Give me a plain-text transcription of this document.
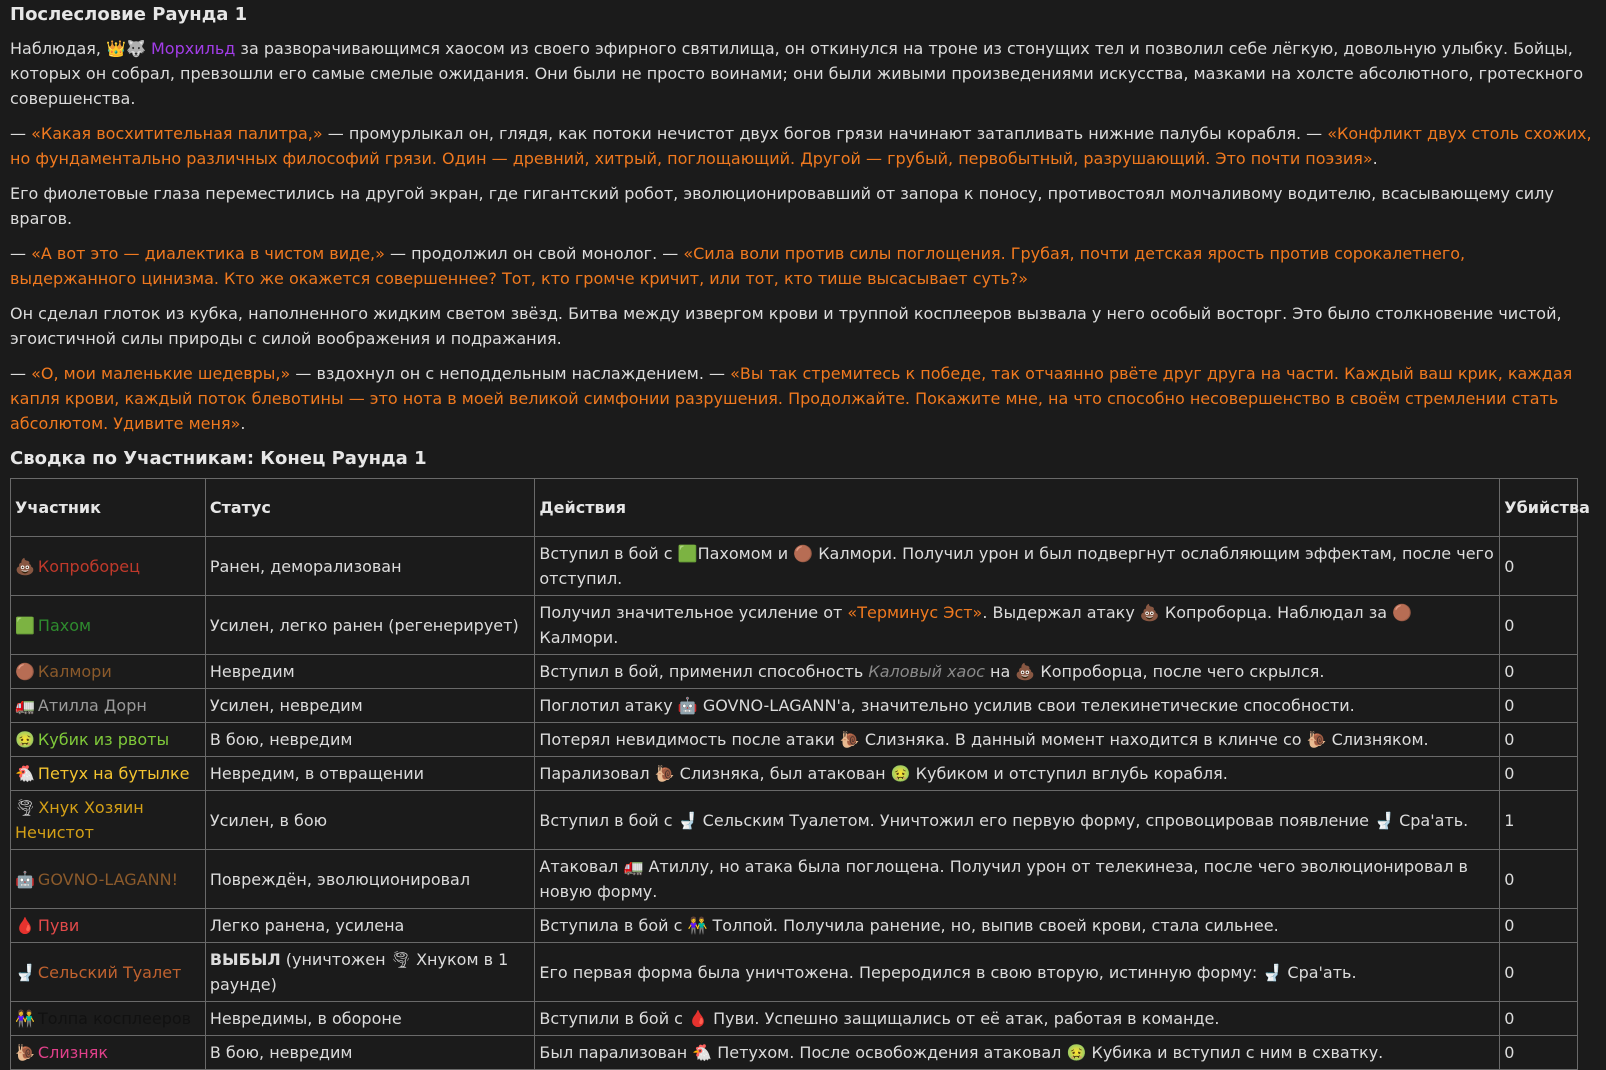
Послесловие Раунда 1

Наблюдая, 👑🐺 Морхильд за разворачивающимся хаосом из своего эфирного святилища, он откинулся на троне из стонущих тел и позволил себе лёгкую, довольную улыбку. Бойцы, которых он собрал, превзошли его самые смелые ожидания. Они были не просто воинами; они были живыми произведениями искусства, мазками на холсте абсолютного, гротескного совершенства.

— «Какая восхитительная палитра,» — промурлыкал он, глядя, как потоки нечистот двух богов грязи начинают затапливать нижние палубы корабля. — «Конфликт двух столь схожих, но фундаментально различных философий грязи. Один — древний, хитрый, поглощающий. Другой — грубый, первобытный, разрушающий. Это почти поэзия».

Его фиолетовые глаза переместились на другой экран, где гигантский робот, эволюционировавший от запора к поносу, противостоял молчаливому водителю, всасывающему силу врагов.

— «А вот это — диалектика в чистом виде,» — продолжил он свой монолог. — «Сила воли против силы поглощения. Грубая, почти детская ярость против сорокалетнего, выдержанного цинизма. Кто же окажется совершеннее? Тот, кто громче кричит, или тот, кто тише высасывает суть?»

Он сделал глоток из кубка, наполненного жидким светом звёзд. Битва между извергом крови и труппой косплееров вызвала у него особый восторг. Это было столкновение чистой, эгоистичной силы природы с силой воображения и подражания.

— «О, мои маленькие шедевры,» — вздохнул он с неподдельным наслаждением. — «Вы так стремитесь к победе, так отчаянно рвёте друг друга на части. Каждый ваш крик, каждая капля крови, каждый поток блевотины — это нота в моей великой симфонии разрушения. Продолжайте. Покажите мне, на что способно несовершенство в своём стремлении стать абсолютом. Удивите меня».

Сводка по Участникам: Конец Раунда 1
Участник	Статус	Действия	Убийства
💩 Копроборец	Ранен, деморализован	Вступил в бой с 🟩Пахомом и 🟤 Калмори. Получил урон и был подвергнут ослабляющим эффектам, после чего отступил.	0
🟩 Пахом	Усилен, легко ранен (регенерирует)	Получил значительное усиление от «Терминус Эст». Выдержал атаку 💩 Копроборца. Наблюдал за 🟤 Калмори.	0
🟤 Калмори	Невредим	Вступил в бой, применил способность Каловый хаос на 💩 Копроборца, после чего скрылся.	0
🚛 Атилла Дорн	Усилен, невредим	Поглотил атаку 🤖 GOVNO-LAGANN'а, значительно усилив свои телекинетические способности.	0
🤢 Кубик из рвоты	В бою, невредим	Потерял невидимость после атаки 🐌 Слизняка. В данный момент находится в клинче со 🐌 Слизняком.	0
🐔 Петух на бутылке	Невредим, в отвращении	Парализовал 🐌 Слизняка, был атакован 🤢 Кубиком и отступил вглубь корабля.	0
🌪 Хнук Хозяин Нечистот	Усилен, в бою	Вступил в бой с 🚽 Сельским Туалетом. Уничтожил его первую форму, спровоцировав появление 🚽 Сра'ать.	1
🤖 GOVNO-LAGANN!	Повреждён, эволюционировал	Атаковал 🚛 Атиллу, но атака была поглощена. Получил урон от телекинеза, после чего эволюционировал в новую форму.	0
🩸 Пуви	Легко ранена, усилена	Вступила в бой с 👫 Толпой. Получила ранение, но, выпив своей крови, стала сильнее.	0
🚽 Сельский Туалет	ВЫБЫЛ (уничтожен 🌪 Хнуком в 1 раунде)	Его первая форма была уничтожена. Переродился в свою вторую, истинную форму: 🚽 Сра'ать.	0
👫 Толпа косплееров	Невредимы, в обороне	Вступили в бой с 🩸 Пуви. Успешно защищались от её атак, работая в команде.	0
🐌 Слизняк	В бою, невредим	Был парализован 🐔 Петухом. После освобождения атаковал 🤢 Кубика и вступил с ним в схватку.	0
